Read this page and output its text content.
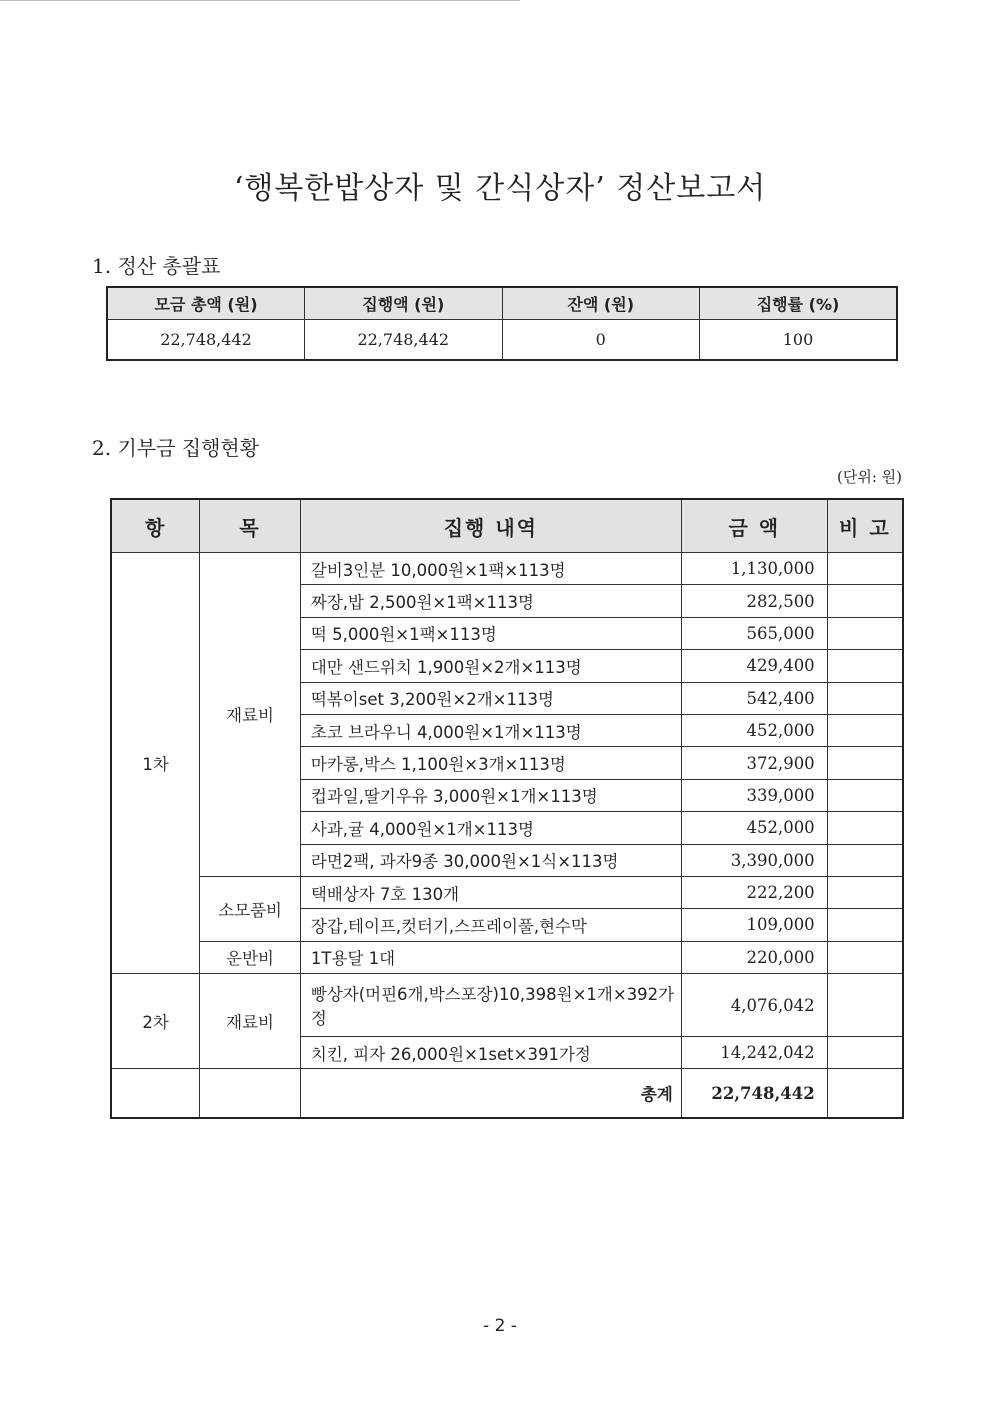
‘행복한밥상자 및 간식상자’ 정산보고서
1. 정산 총괄표
모금 총액 (원)	집행액 (원)	잔액 (원)	집행률 (%)
22,748,442	22,748,442	0	100
2. 기부금 집행현황
(단위: 원)
항	목	집행 내역	금 액	비 고
1차	재료비	갈비3인분 10,000원×1팩×113명	1,130,000	
		짜장,밥 2,500원×1팩×113명	282,500	
		떡 5,000원×1팩×113명	565,000	
		대만 샌드위치 1,900원×2개×113명	429,400	
		떡볶이set 3,200원×2개×113명	542,400	
		초코 브라우니 4,000원×1개×113명	452,000	
		마카롱,박스 1,100원×3개×113명	372,900	
		컵과일,딸기우유 3,000원×1개×113명	339,000	
		사과,귤 4,000원×1개×113명	452,000	
		라면2팩, 과자9종 30,000원×1식×113명	3,390,000	
	소모품비	택배상자 7호 130개	222,200	
		장갑,테이프,컷터기,스프레이풀,현수막	109,000	
	운반비	1T용달 1대	220,000	
2차	재료비	빵상자(머핀6개,박스포장)10,398원×1개×392가정	4,076,042	
		치킨, 피자 26,000원×1set×391가정	14,242,042	
		총계	22,748,442	
- 2 -
